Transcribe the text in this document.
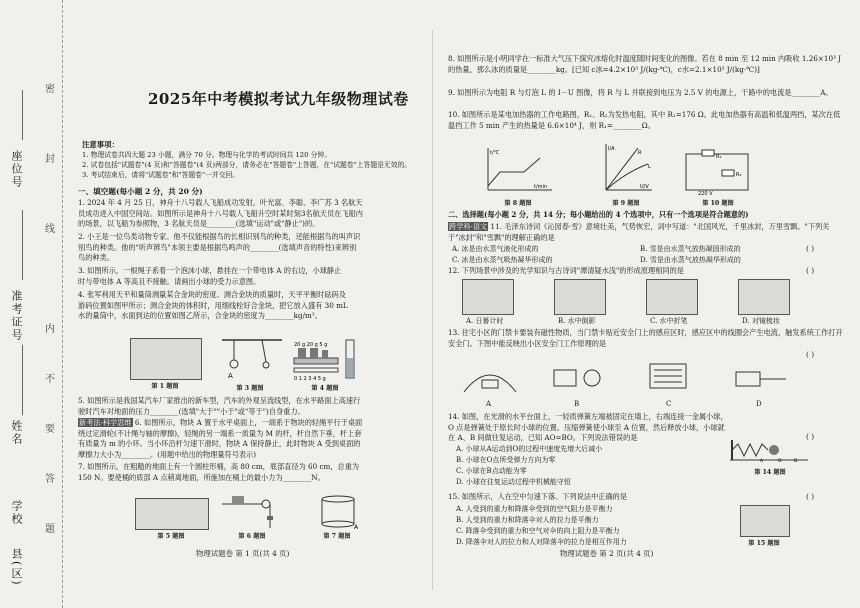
座位号
准考证号
姓名
学校
县(区)
密
封
线
内
不
要
答
题
2025年中考模拟考试九年级物理试卷
注意事项：

1. 物理试卷共四大题 23 小题，满分 70 分。物理与化学的考试时间共 120 分钟。

2. 试卷包括"试题卷"(4 页)和"答题卷"(4 页)两部分，请务必在"答题卷"上答题，在"试题卷"上答题是无效的。

3. 考试结束后，请将"试题卷"和"答题卷"一并交回。

一、填空题(每小题 2 分，共 20 分)
1. 2024 年 4 月 25 日，神舟十八号载人飞船成功发射，叶光富、李聪、李广苏 3 名航天员成功进入中国空间站。如图所示是神舟十八号载人飞船升空时某时刻3名航天员在飞船内的场景，以飞船为参照物，3 名航天员是________(选填"运动"或"静止")的。
2. 小王是一位鸟类动物专家。他不仅能根据鸟的长相识别鸟的种类，还能根据鸟的叫声识别鸟的种类。他的"听声辨鸟"本领主要是根据鸟鸣声的________(选填声音的特性)来辨别鸟的种类。
3. 如图所示，一根绳子系着一个泡沫小球，悬挂在一个带电体 A 的右边，小球静止时与带电体 A 等高且不接触。请画出小球的受力示意图。
4. 张军利用天平和量筒测量某合金块的密度。测合金块的质量时，天平平衡时砝码及游码位置如图甲所示；测合金块的体积时，用细线栓好合金块，把它放入盛有 30 mL 水的量筒中，水面到达的位置如图乙所示，合金块的密度为________kg/m³。
第 1 题图
A
第 3 题图
20 g 20 g 5 g
0 1 2 3 4 5 g
第 4 题图
5. 如图所示是我国某汽车厂家推出的新车型，汽车的外观呈流线型，在水平路面上高速行驶时汽车对地面的压力________(选填"大于""小于"或"等于")自身重力。
新考法·科学思维 6. 如图所示，物块 A 置于水平桌面上，一端系于物块的轻绳平行于桌面绕过定滑轮(不计绳与轴的摩擦)，轻绳的另一端系一质量为 M 的杆，杆自然下垂，杆上套有质量为 m 的小环。当小环沿杆匀速下滑时，物块 A 保持静止，此时物块 A 受到桌面的摩擦力大小为________。(用题中给出的物理量符号表示)
7. 如图所示，在粗糙的地面上有一个圆柱形桶，高 80 cm，底部直径为 60 cm，总重为 150 N。要使桶的底部 A 点稍离地面，所施加在桶上的最小力为________N。
第 5 题图	第 6 题图
A
第 7 题图
物理试题卷 第 1 页(共 4 页)
8. 如图所示是小明同学在一标准大气压下探究冰熔化时温度随时间变化的图像。若在 8 min 至 12 min 内吸收 1.26×10³ J 的热量，那么冰的质量是________kg。[已知 c冰=4.2×10³ J/(kg·℃)，c水=2.1×10³ J/(kg·℃)]
9. 如图所示为电阻 R 与灯泡 L 的 I－U 图像，将 R 与 L 并联接到电压为 2.5 V 的电源上，干路中的电流是________A。
10. 如图所示是某电加热器的工作电路图，R₁、R₂为发热电阻，其中 R₁=176 Ω。此电加热器有高温和低温两挡，某次在低温挡工作 5 min 产生的热量是 6.6×10⁴ J，则 R₁=________Ω。
t/℃
t/min
第 8 题图
I/A
U/V
R
L
第 9 题图
220 V
R₁
R₂
第 10 题图
二、选择题(每小题 2 分，共 14 分；每小题给出的 4 个选项中，只有一个选项是符合题意的)
跨学科·语文 11. 毛泽东诗词《沁园春·雪》意境壮美，气势恢宏，词中写道："北国风光，千里冰封，万里雪飘。"下列关于"冰封"和"雪飘"的理解正确的是
( )
A. 冰是由水蒸气液化形成的	B. 雪是由水蒸气放热凝固形成的
C. 冰是由水蒸气吸热凝华形成的	D. 雪是由水蒸气放热凝华形成的
12. 下列场景中涉及的光学知识与古诗词"潭清疑水浅"的形成原理相同的是	( )
A. 日晷计时	B. 水中倒影	C. 水中折笔	D. 对镜梳妆
13. 住宅小区的门禁卡要装有磁性物质，当门禁卡贴近安全门上的感应区时，感应区中的线圈会产生电流，触发系统工作打开安全门。下图中能反映出小区安全门工作原理的是
( )
A	B	C	D
14. 如图，在光滑的水平台面上，一轻质弹簧左端被固定在墙上，右端连接一金属小球，O 点是弹簧处于原长时小球的位置。压缩弹簧使小球至 A 位置，然后释放小球，小球就在 A、B 间做往复运动，已知 AO=BO。下列说法错误的是
A. 小球从A运动到O的过程中速度先增大后减小
B. 小球在O点所受弹力方向为零
C. 小球在B点动能为零
D. 小球在往复运动过程中机械能守恒
( )
A	O	B
第 14 题图
15. 如图所示，人在空中匀速下落。下列说法中正确的是	( )
A. 人受到的重力和降落伞受到的空气阻力是平衡力
B. 人受到的重力和降落伞对人的拉力是平衡力
C. 降落伞受到的重力和空气对伞的向上阻力是平衡力
D. 降落伞对人的拉力和人对降落伞的拉力是相互作用力	第 15 题图
物理试题卷 第 2 页(共 4 页)
